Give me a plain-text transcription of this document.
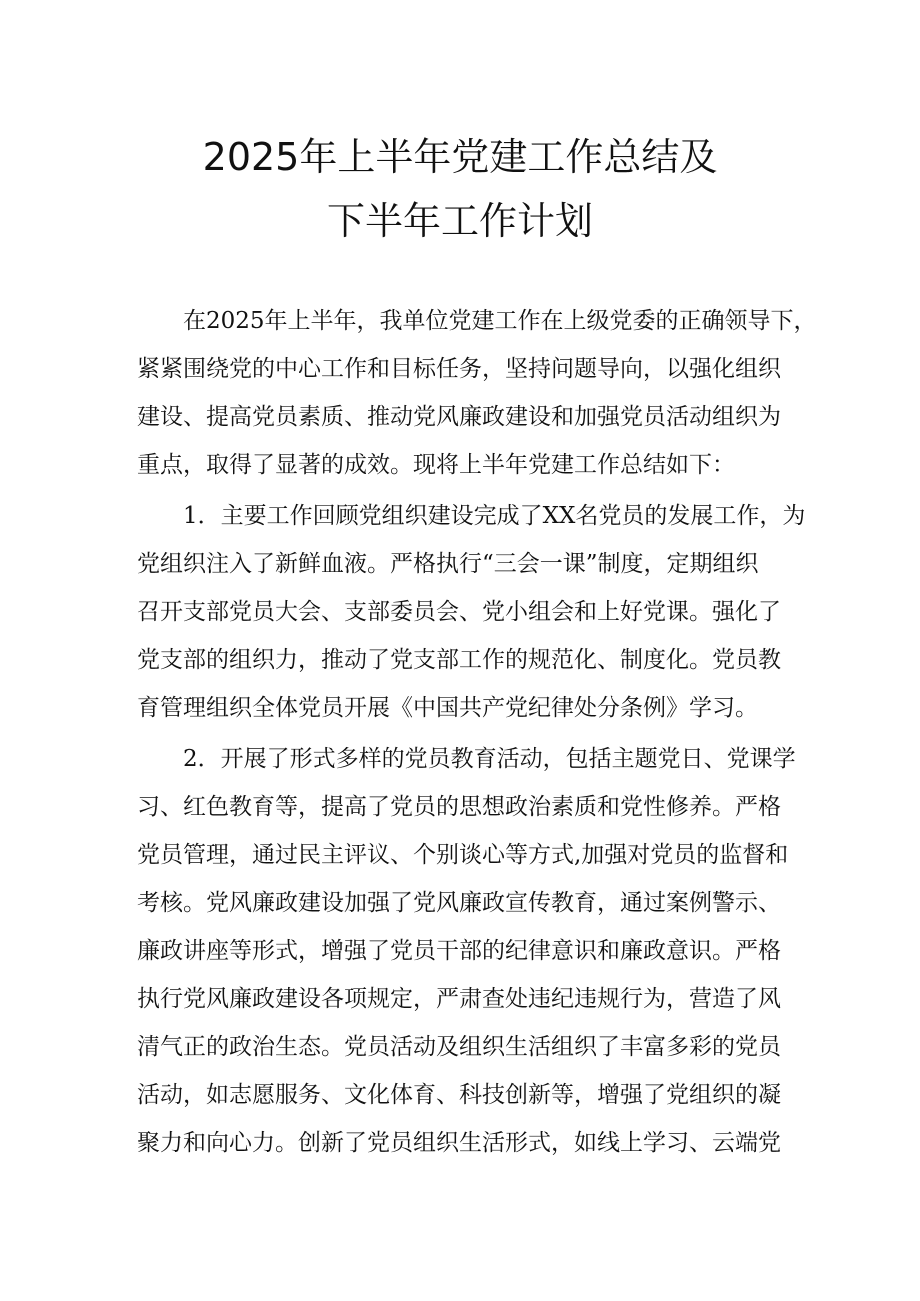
2025年上半年党建工作总结及
下半年工作计划
在2025年上半年，我单位党建工作在上级党委的正确领导下，
紧紧围绕党的中心工作和目标任务，坚持问题导向，以强化组织
建设、提高党员素质、推动党风廉政建设和加强党员活动组织为
重点，取得了显著的成效。现将上半年党建工作总结如下：
1．主要工作回顾党组织建设完成了XX名党员的发展工作，为
党组织注入了新鲜血液。严格执行“三会一课”制度，定期组织
召开支部党员大会、支部委员会、党小组会和上好党课。强化了
党支部的组织力，推动了党支部工作的规范化、制度化。党员教
育管理组织全体党员开展《中国共产党纪律处分条例》学习。
2．开展了形式多样的党员教育活动，包括主题党日、党课学
习、红色教育等，提高了党员的思想政治素质和党性修养。严格
党员管理，通过民主评议、个别谈心等方式,加强对党员的监督和
考核。党风廉政建设加强了党风廉政宣传教育，通过案例警示、
廉政讲座等形式，增强了党员干部的纪律意识和廉政意识。严格
执行党风廉政建设各项规定，严肃查处违纪违规行为，营造了风
清气正的政治生态。党员活动及组织生活组织了丰富多彩的党员
活动，如志愿服务、文化体育、科技创新等，增强了党组织的凝
聚力和向心力。创新了党员组织生活形式，如线上学习、云端党
